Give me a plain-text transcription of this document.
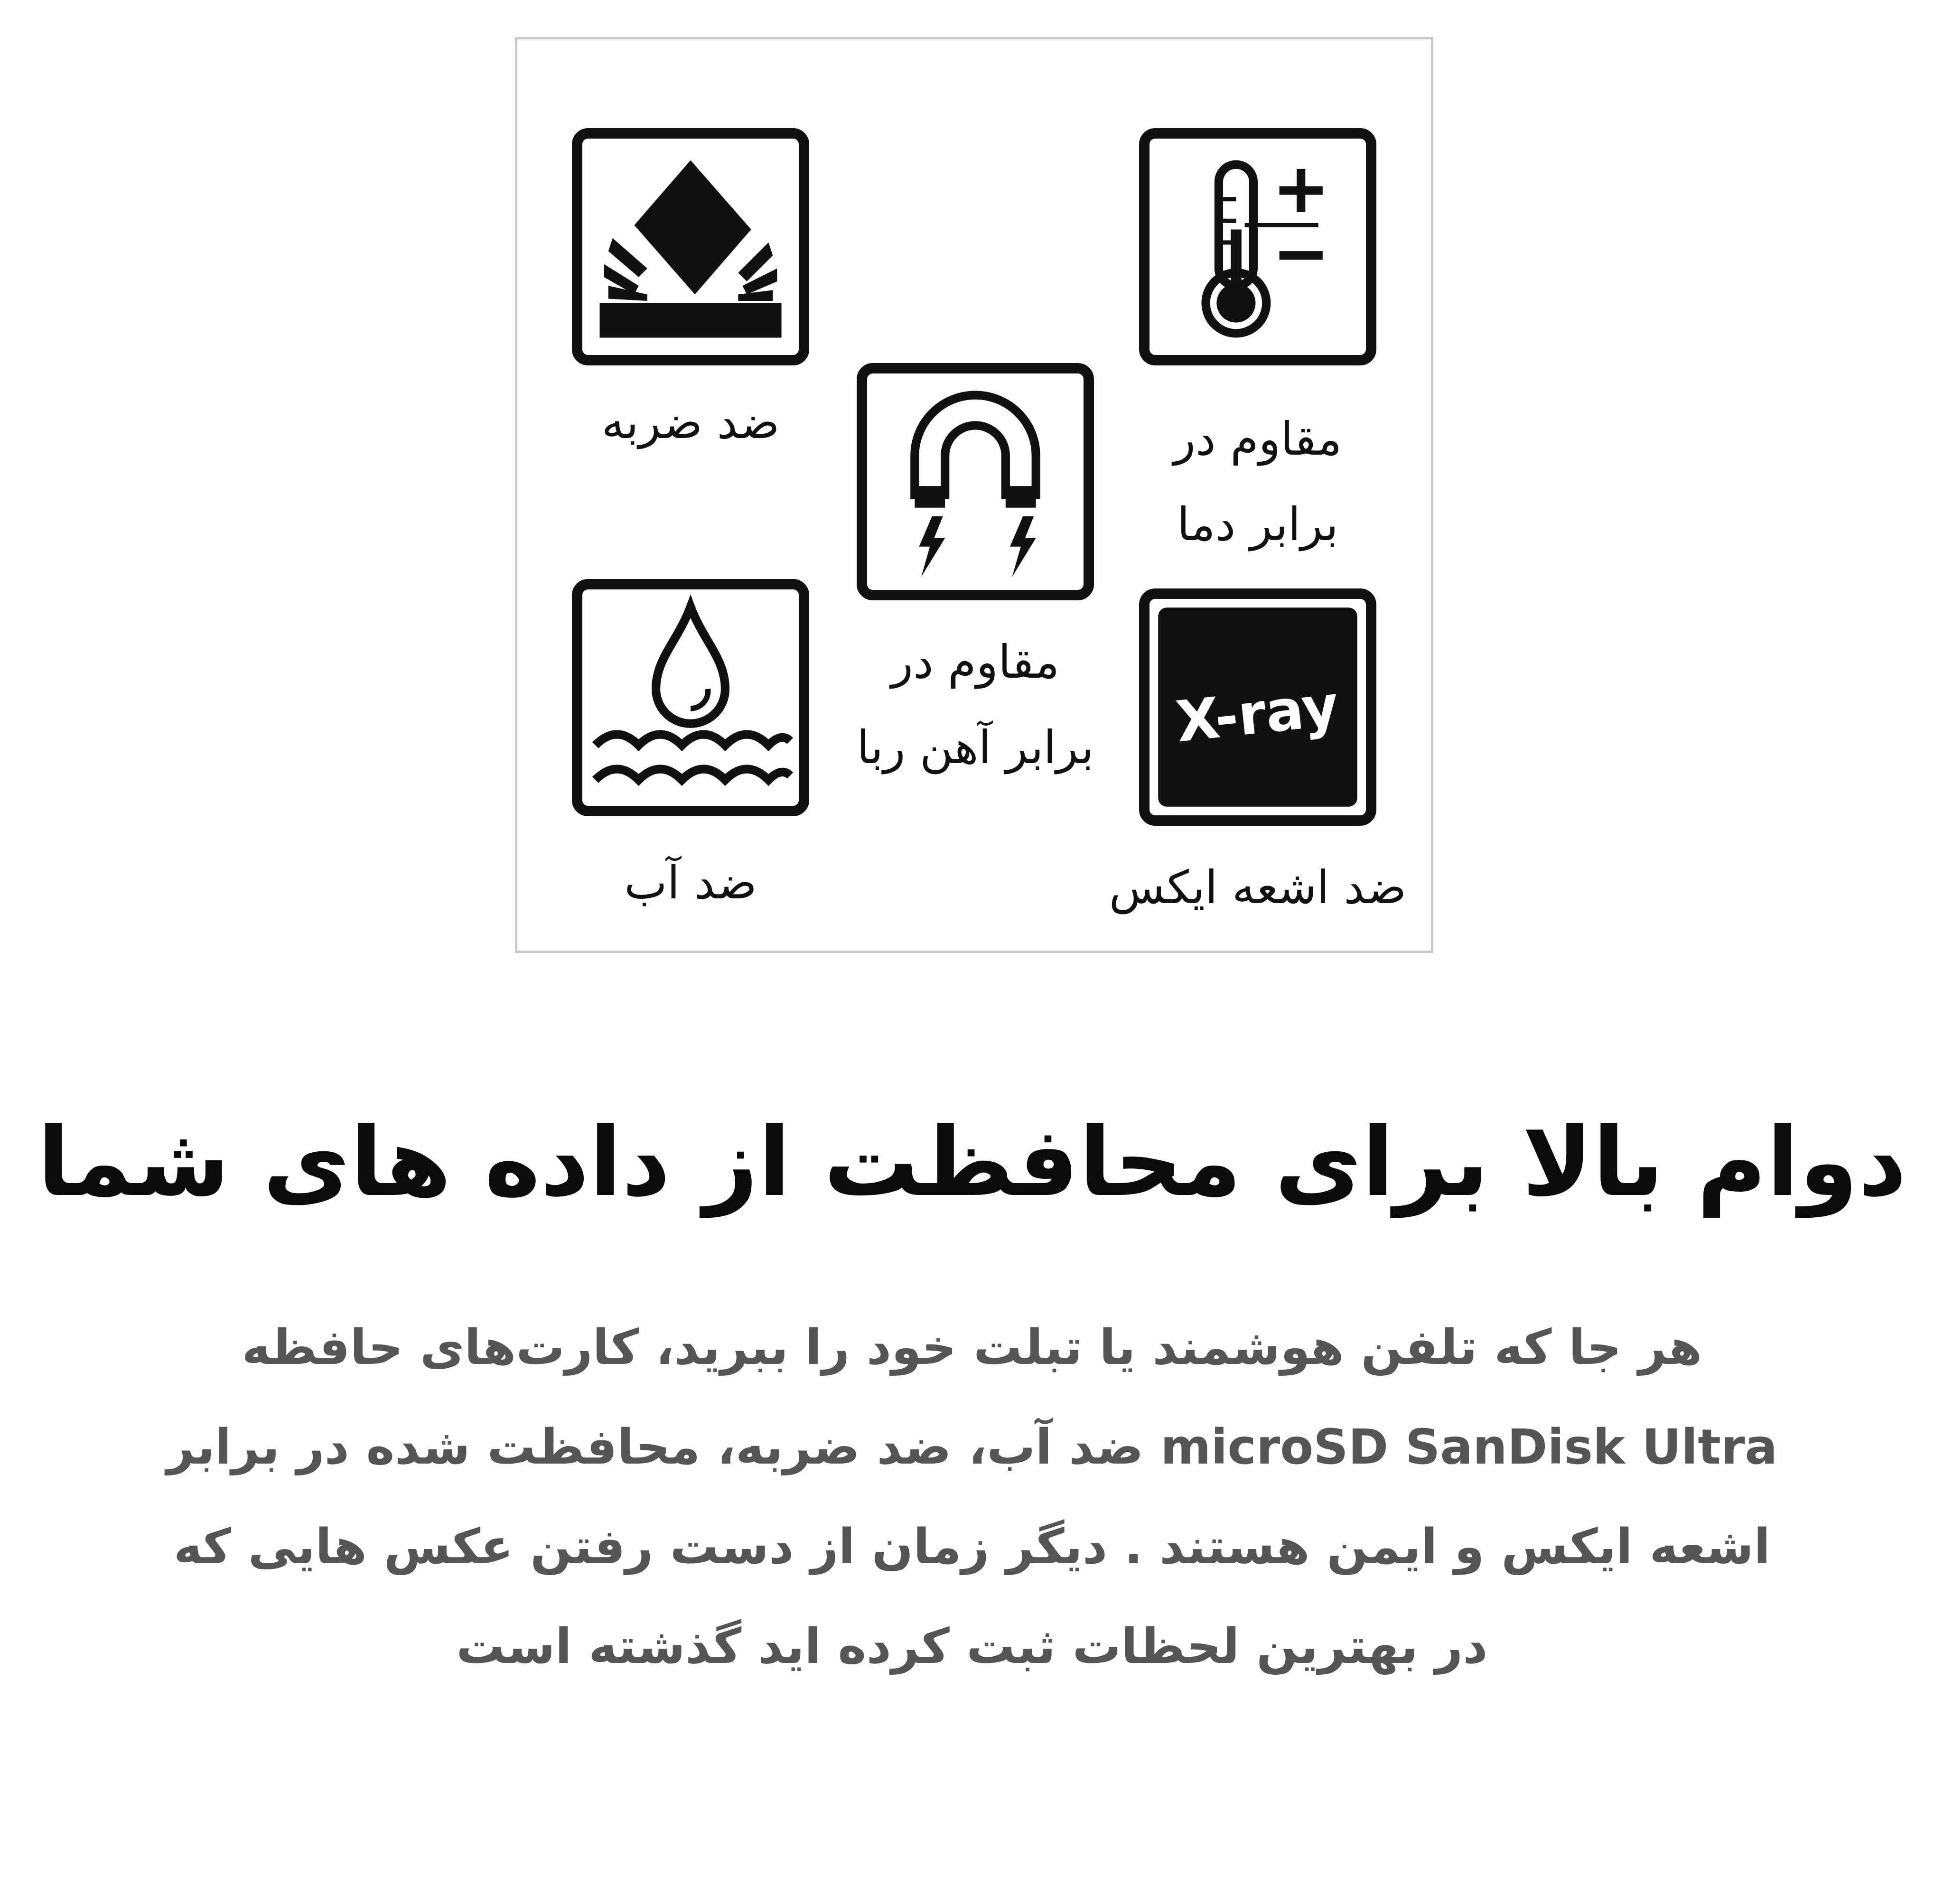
ضد ضربه	مقاوم در
برابر دما
مقاوم در
برابر آهن ربا
ضد آب
X-ray
ضد اشعه ایکس
دوام بالا برای محافظت از داده های شما
هر جا که تلفن هوشمند یا تبلت خود را ببرید، کارت‌های حافظه microSD SanDisk Ultra ضد آب، ضد ضربه، محافظت شده در برابر اشعه ایکس و ایمن هستند . دیگر زمان از دست رفتن عکس هایی که در بهترین لحظات ثبت کرده اید گذشته است
